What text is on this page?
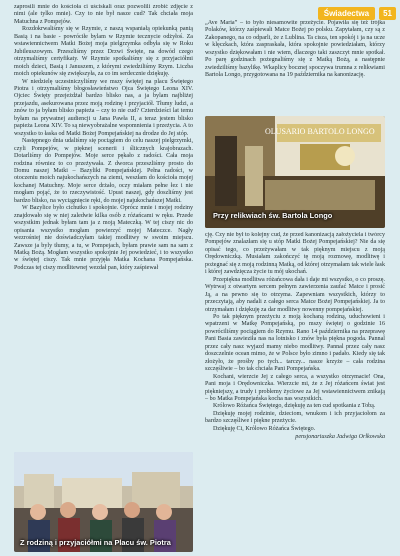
Świadectwa	51

zaprosili mnie do kościoła ci uściskali oraz pozwolili zrobić zdjęcie z nimi (ale tylko mnie). Czy to nie był nasze cud? Tak chciała moja Matuchna z Pompejów.

Rozdokrwaliśmy się w Rzymie, z naszą wspaniałą opiekunką panią Basią i na basie - powróciłe bylam w Rzymie tecznycie odżyłoś. Za wstawiennictwem Matki Bożej moja pielgrzymka odbyła się w Roku Jubileuszowym. Przeszliśmy przez Drzwi Święte, na dowód czego otrzymaliśmy certyfikaty. W Rzymie spotkaliśmy się z przyjaciółmi moich dzieci, Basią i Januszem, z którymi zwiedziliśmy Rzym. Liczba moich opiekunów się zwiększyła, za co im serdecznie dziękuję.

W niedzielę uczestniczyliśmy we mszy świętej na placu Świętego Piotra i otrzymaliśmy błogosławieństwo Ojca Świętego Leona XIV. Ojciec Święty przejeżdżał bardzo blisko nas, a ja bylam najbliżej przejazdu, asekurowana przez moją rodzinę i przyjaciół. Tłumy ludzi, a znów to ja byłam blisko papieża – czy to nie cud? Czterdzieści lat temu byłam na prywatnej audiencji u Jana Pawła II, a teraz jestem blisko papieża Leona XIV. To są niewyobrażalne wspomnienia i przeżycia. A to wszystko to łaska od Matki Bożej Pompejańskiej na drodze do Jej stóp.

Następnego dnia udaliśmy się pociągiem do celu naszej pielgrzymki, czyli Pompejów, w pięknej scenerii i śliicznych krajobrazach. Dotarliśmy do Pompejów. Moje serce pękało z radości. Cała moja rodzina równiez to co przeżywała. Z dworca przeszliśmy prosto do Domu naszej Matki – Bazyliki Pompejańskiej. Pełna radości, w otoczeniu moich najukochańszych na ziemi, weszłam do kościoła mojej kochanej Matuchny. Moje serce drżało, oczy miałam pełne łez i nie mogłam pojąć, że to rzeczywistość. Upust naszej, gdy doszliśmy jest bardzo blisko, na wyciągnięcie ręki, do mojej najukochańszej Matki.

W Bazylice było cichutko i spokojnie. Oprócz mnie i mojej rodziny znajdowało się w niej zaledwie kilka osób z różańcami w ręku. Przede wszystkim jednak byłam tam ja z moją Mateczką. W tej ciszy nic do opisania wszystko mogłam powierzyć mojej Mateczce. Nagły wezrośniej nie doświadczyłam takiej modlitwy w swoim miejscu. Zawsze ja byly tłumy, a tu, w Pompejach, byłam prawie sam na sam z Matką Bożą. Mogłam wszystko spokojnie Jej powiedzieć, i to wszystko w świętej ciszy. Tak mnie przyjęła Matka Kochana Pompejańska. Podczas tej ciszy modlitewnej wezdał pan, który zaśpiewał

„Ave Maria” – to było niesamowite przeżycie. Pojawiła się też trójka Polaków, którzy zaśpiewali Matce Bożej po polsku. Zapytałam, czy są z Zakopanego, na co odparli, że z Lublina. Ta cisza, ten spokój i ja na ucze w klęczkach, która zaspraskała, która spokojnie powiedziałam, którzy wszystko dziękowałam i nie wiem, dlaczego taki zaszczyt mnie spotkał. Po parę godzinach pożegnaliśmy się z Matką Bożą, a następnie zwiedziliśmy bazylikę. Wkaplicy bocznej spoczywa trumna z relikwiami Bartola Longo, przygotowana na 19 października na kanonizację.

OLUSARIO BARTOLO LONGO
Przy relikwiach św. Bartola Longo

cję. Czy nie był to kolejny cud, że przed kanonizacją założyciela i twórcy Pompejów znalazłam się u stóp Matki Bożej Pompejańskiej? Nie da się opisać tego, co przeżywałam w tak pięknym miejscu z moją Orędowniczką. Musiałam zakończyć tę moją rozmowę, modlitwę i pożegnać się z moją rodzinną Matką, od której otrzymałam tak wiele łask i której zawdzięcza życie tu mój ukochań.

Przepiękna modlitwa różańcowa dała i daje mi wszystko, o co proszę. Wytrwaj z otwartym sercem pełnym zawierzenia zaufać Matce i prosić Ją, a na pewno się to otrzyma. Zapewniam wszystkich, którzy to przeczytają, aby nadali z całego serca Matce Bożej Pompejańskiej. Ja to otrzymałam i dziękuję za dar modlitwy nowenny pompejańskiej.

Po tak pięknym przeżyciu z moją kochaną rodziną, uduchowieni i wpatrzeni w Matkę Pompejańską, po mszy świętej o godzinie 16 powróciliśmy pociągiem do Rzymu. Rano 14 października na przeprawę Pani Basia zawieziła nas na lotnisko i znów była piękna pogoda. Pannal przez cały nasz wyjazd mamy niebo modlitwy. Pannal przez cały nasz doszczelnie ocean mimo, że w Polsce było zimno i padało. Kiedy się tak złożyło, że prośby po tych... tarczy... nasze krzyże – cała rodzina szczęśliwie – bo tak chciała Pani Pompejańska.

Kochani, wierzcie Jej z całego serca, a wszystko otrzymacie! Ona, Pani moja i Orędowniczka. Wierzcie mi, że z Jej różańcem świat jest piękniejszy, a trudy i problemy życiowe za Jej wstawiennictwem znikają – bo Matka Pompejańska kocha nas wszystkich.

Królowo Różańca Świętego, dziękuję za ten cud spotkania z Tobą.

Dziękuję mojej rodzinie, dzieciom, wnukom i ich przyjaciołom za bardzo szczęśliwe i piękne przeżycie.

Dziękuję Ci, Królowo Różańca Świętego.

pensjonariuszka Jadwiga Orlkowska
Z rodziną i przyjaciółmi na Placu św. Piotra
